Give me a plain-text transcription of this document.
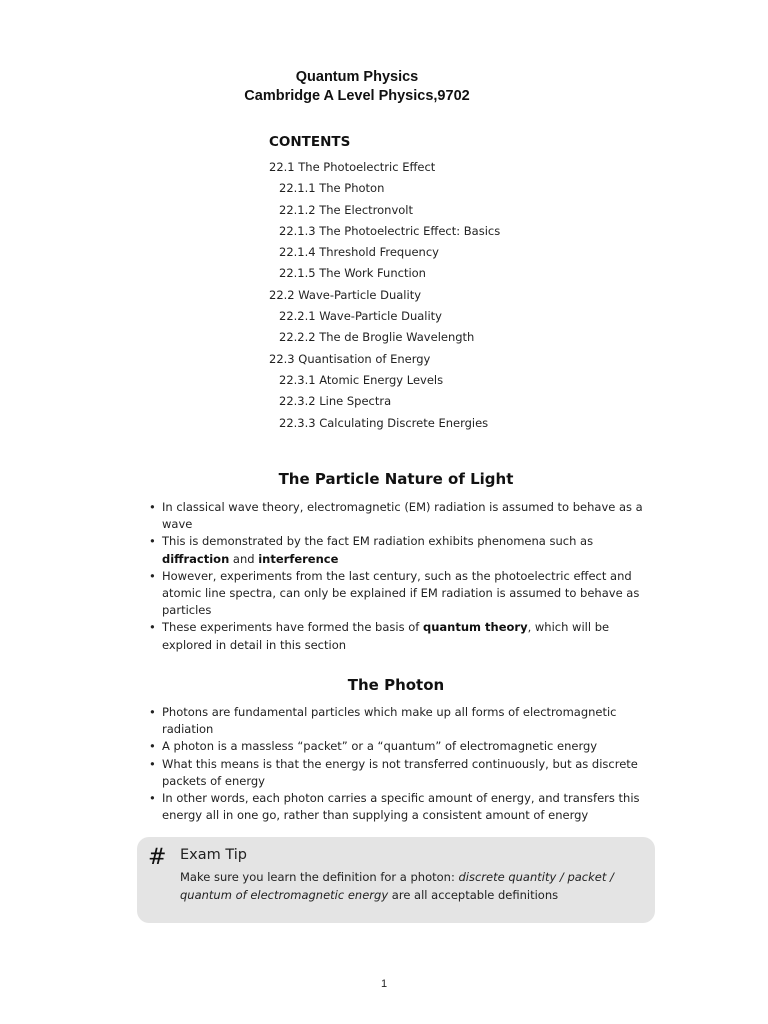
Quantum Physics
Cambridge A Level Physics,9702
CONTENTS
22.1 The Photoelectric Effect
22.1.1 The Photon
22.1.2 The Electronvolt
22.1.3 The Photoelectric Effect: Basics
22.1.4 Threshold Frequency
22.1.5 The Work Function
22.2 Wave-Particle Duality
22.2.1 Wave-Particle Duality
22.2.2 The de Broglie Wavelength
22.3 Quantisation of Energy
22.3.1 Atomic Energy Levels
22.3.2 Line Spectra
22.3.3 Calculating Discrete Energies
The Particle Nature of Light
• In classical wave theory, electromagnetic (EM) radiation is assumed to behave as a wave
• This is demonstrated by the fact EM radiation exhibits phenomena such as diffraction and interference
• However, experiments from the last century, such as the photoelectric effect and atomic line spectra, can only be explained if EM radiation is assumed to behave as particles
• These experiments have formed the basis of quantum theory, which will be explored in detail in this section
The Photon
• Photons are fundamental particles which make up all forms of electromagnetic radiation
• A photon is a massless “packet” or a “quantum” of electromagnetic energy
• What this means is that the energy is not transferred continuously, but as discrete packets of energy
• In other words, each photon carries a specific amount of energy, and transfers this energy all in one go, rather than supplying a consistent amount of energy
# Exam Tip
Make sure you learn the definition for a photon: discrete quantity / packet / quantum of electromagnetic energy are all acceptable definitions
1
